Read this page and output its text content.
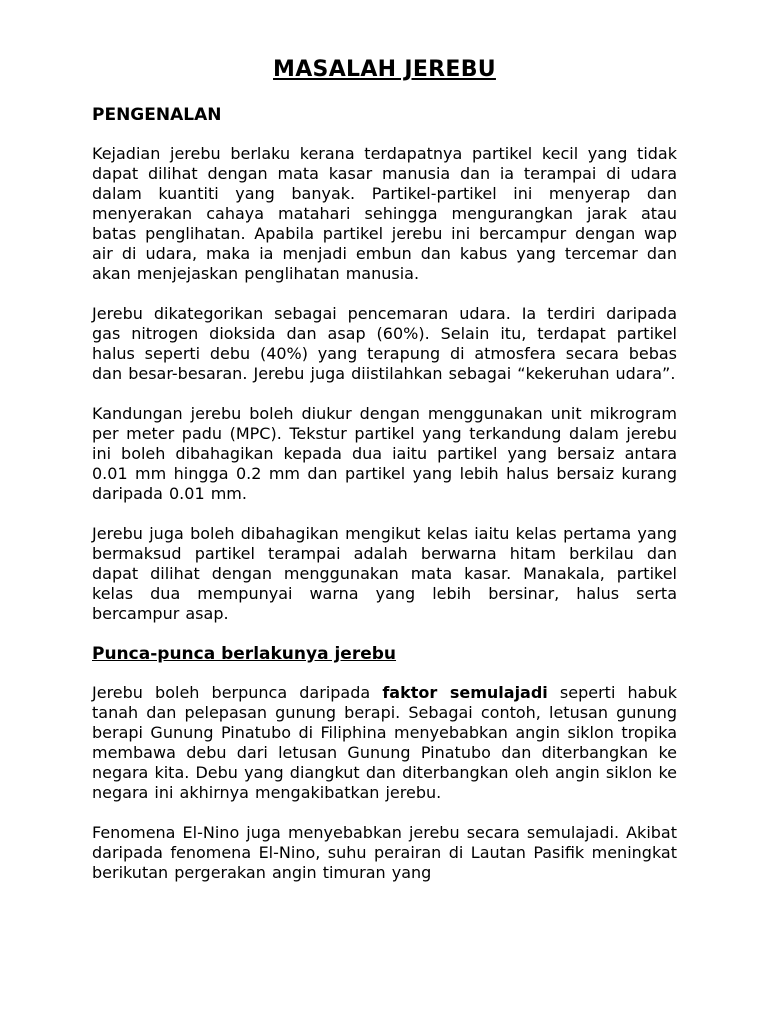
MASALAH JEREBU
PENGENALAN

Kejadian jerebu berlaku kerana terdapatnya partikel kecil yang tidak dapat dilihat dengan mata kasar manusia dan ia terampai di udara dalam kuantiti yang banyak. Partikel-partikel ini menyerap dan menyerakan cahaya matahari sehingga mengurangkan jarak atau batas penglihatan. Apabila partikel jerebu ini bercampur dengan wap air di udara, maka ia menjadi embun dan kabus yang tercemar dan akan menjejaskan penglihatan manusia.

Jerebu dikategorikan sebagai pencemaran udara. Ia terdiri daripada gas nitrogen dioksida dan asap (60%). Selain itu, terdapat partikel halus seperti debu (40%) yang terapung di atmosfera secara bebas dan besar-besaran. Jerebu juga diistilahkan sebagai “kekeruhan udara”.

Kandungan jerebu boleh diukur dengan menggunakan unit mikrogram per meter padu (MPC). Tekstur partikel yang terkandung dalam jerebu ini boleh dibahagikan kepada dua iaitu partikel yang bersaiz antara 0.01 mm hingga 0.2 mm dan partikel yang lebih halus bersaiz kurang daripada 0.01 mm.

Jerebu juga boleh dibahagikan mengikut kelas iaitu kelas pertama yang bermaksud partikel terampai adalah berwarna hitam berkilau dan dapat dilihat dengan menggunakan mata kasar. Manakala, partikel kelas dua mempunyai warna yang lebih bersinar, halus serta bercampur asap.

Punca-punca berlakunya jerebu

Jerebu boleh berpunca daripada faktor semulajadi seperti habuk tanah dan pelepasan gunung berapi. Sebagai contoh, letusan gunung berapi Gunung Pinatubo di Filiphina menyebabkan angin siklon tropika membawa debu dari letusan Gunung Pinatubo dan diterbangkan ke negara kita. Debu yang diangkut dan diterbangkan oleh angin siklon ke negara ini akhirnya mengakibatkan jerebu.

Fenomena El-Nino juga menyebabkan jerebu secara semulajadi. Akibat daripada fenomena El-Nino, suhu perairan di Lautan Pasifik meningkat berikutan pergerakan angin timuran yang
